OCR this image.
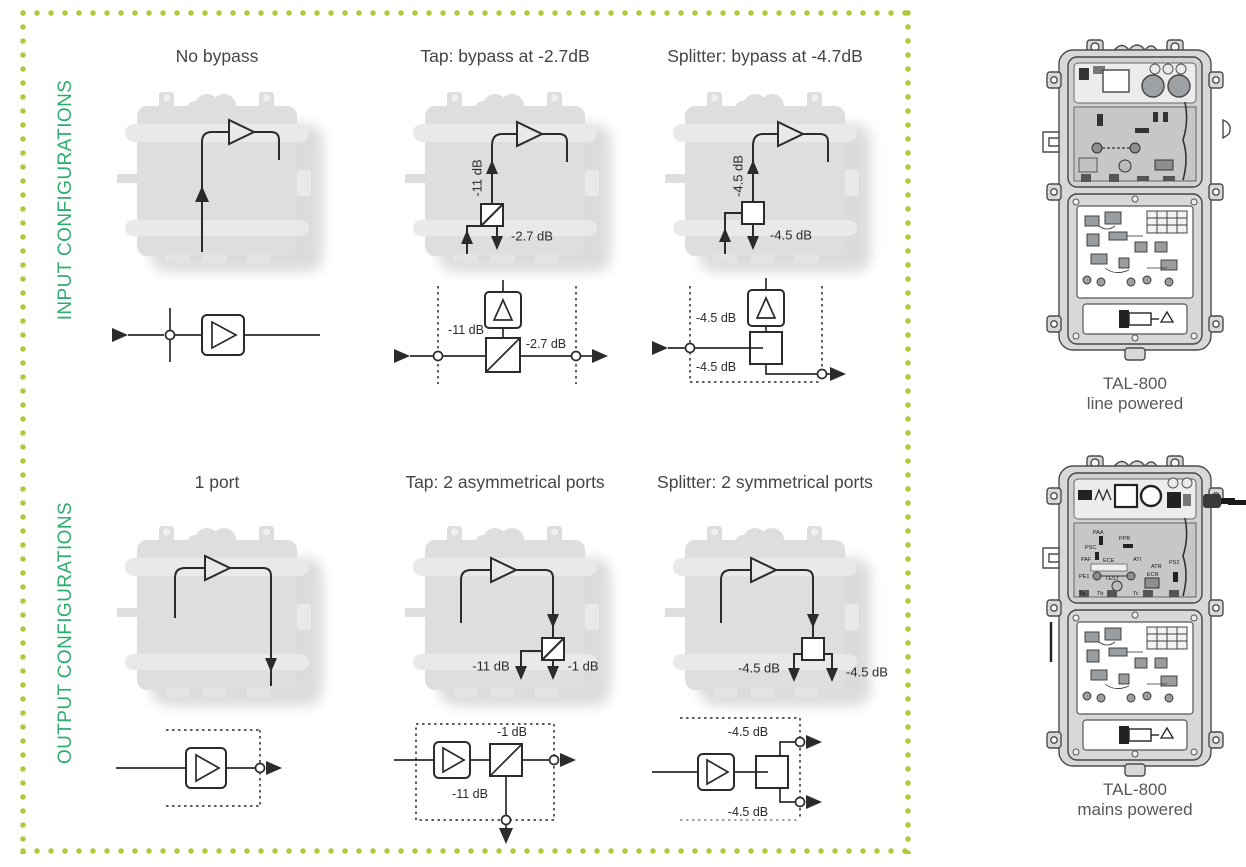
INPUT CONFIGURATIONS
OUTPUT CONFIGURATIONS
No bypass	Tap: bypass at -2.7dB
-11 dB
-2.7 dB
-11 dB
-2.7 dB
Splitter: bypass at -4.7dB
-4.5 dB
-4.5 dB
-4.5 dB
-4.5 dB
1 port	Tap: 2 asymmetrical ports
-11 dB	-1 dB
-1 dB
-11 dB
Splitter: 2 symmetrical ports
-4.5 dB	-4.5 dB
-4.5 dB
-4.5 dB
TAL-800
line powered
PAA
PPB
PSC
PAF ECE	ATI
ATR
PS2
PE1	TEST
ECR
Ta Tb	Tc
TAL-800
mains powered
